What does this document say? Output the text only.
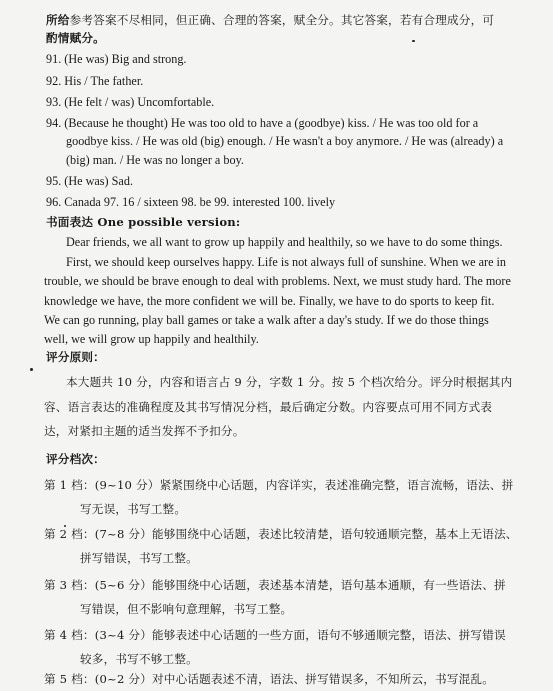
所给参考答案不尽相同，但正确、合理的答案，赋全分。其它答案，若有合理成分，可
酌情赋分。
91. (He was) Big and strong.
92. His / The father.
93. (He felt / was) Uncomfortable.
94. (Because he thought) He was too old to have a (goodbye) kiss. / He was too old for a
goodbye kiss. / He was old (big) enough. / He wasn't a boy anymore. / He was (already) a
(big) man. / He was no longer a boy.
95. (He was) Sad.
96. Canada 97. 16 / sixteen 98. be 99. interested 100. lively
书面表达 One possible version:
Dear friends, we all want to grow up happily and healthily, so we have to do some things.
First, we should keep ourselves happy. Life is not always full of sunshine. When we are in
trouble, we should be brave enough to deal with problems. Next, we must study hard. The more
knowledge we have, the more confident we will be. Finally, we have to do sports to keep fit.
We can go running, play ball games or take a walk after a day's study. If we do those things
well, we will grow up happily and healthily.
评分原则：
本大题共 10 分，内容和语言占 9 分，字数 1 分。按 5 个档次给分。评分时根据其内
容、语言表达的准确程度及其书写情况分档，最后确定分数。内容要点可用不同方式表
达，对紧扣主题的适当发挥不予扣分。
评分档次：
第 1 档：(9~10 分）紧紧围绕中心话题，内容详实，表述准确完整，语言流畅，语法、拼
写无误，书写工整。
第 2 档：(7~8 分）能够围绕中心话题，表述比较清楚，语句较通顺完整，基本上无语法、
拼写错误，书写工整。
第 3 档：(5~6 分）能够围绕中心话题，表述基本清楚，语句基本通顺，有一些语法、拼
写错误，但不影响句意理解，书写工整。
第 4 档：(3~4 分）能够表述中心话题的一些方面，语句不够通顺完整，语法、拼写错误
较多，书写不够工整。
第 5 档：(0~2 分）对中心话题表述不清，语法、拼写错误多，不知所云，书写混乱。
